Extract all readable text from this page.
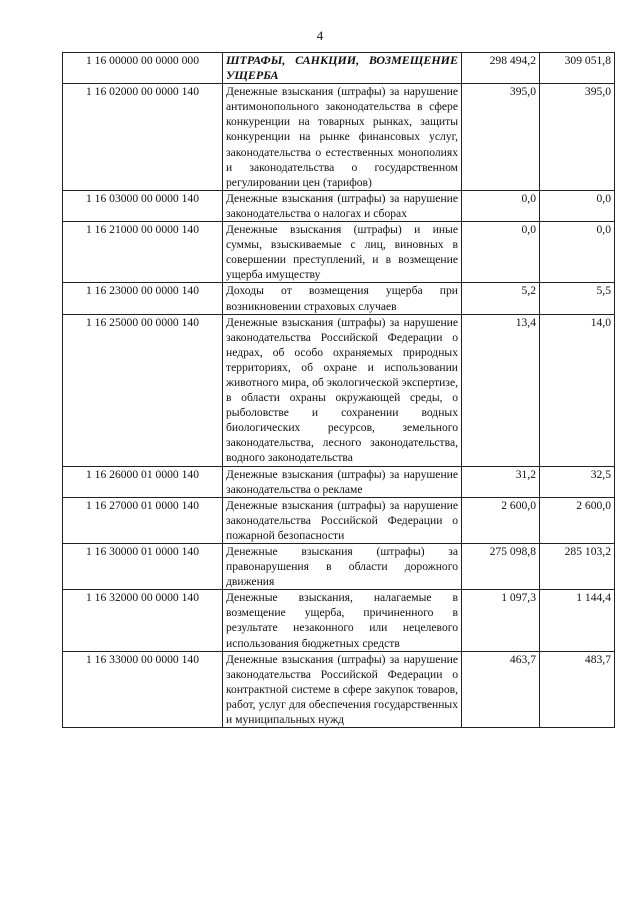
4
1 16 00000 00 0000 000	ШТРАФЫ, САНКЦИИ, ВОЗМЕЩЕНИЕ УЩЕРБА	298 494,2	309 051,8
1 16 02000 00 0000 140	Денежные взыскания (штрафы) за нарушение антимонопольного законодательства в сфере конкуренции на товарных рынках, защиты конкуренции на рынке финансовых услуг, законодательства о естественных монополиях и законодательства о государственном регулировании цен (тарифов)	395,0	395,0
1 16 03000 00 0000 140	Денежные взыскания (штрафы) за нарушение законодательства о налогах и сборах	0,0	0,0
1 16 21000 00 0000 140	Денежные взыскания (штрафы) и иные суммы, взыскиваемые с лиц, виновных в совершении преступлений, и в возмещение ущерба имуществу	0,0	0,0
1 16 23000 00 0000 140	Доходы от возмещения ущерба при возникновении страховых случаев	5,2	5,5
1 16 25000 00 0000 140	Денежные взыскания (штрафы) за нарушение законодательства Российской Федерации о недрах, об особо охраняемых природных территориях, об охране и использовании животного мира, об экологической экспертизе, в области охраны окружающей среды, о рыболовстве и сохранении водных биологических ресурсов, земельного законодательства, лесного законодательства, водного законодательства	13,4	14,0
1 16 26000 01 0000 140	Денежные взыскания (штрафы) за нарушение законодательства о рекламе	31,2	32,5
1 16 27000 01 0000 140	Денежные взыскания (штрафы) за нарушение законодательства Российской Федерации о пожарной безопасности	2 600,0	2 600,0
1 16 30000 01 0000 140	Денежные взыскания (штрафы) за правонарушения в области дорожного движения	275 098,8	285 103,2
1 16 32000 00 0000 140	Денежные взыскания, налагаемые в возмещение ущерба, причиненного в результате незаконного или нецелевого использования бюджетных средств	1 097,3	1 144,4
1 16 33000 00 0000 140	Денежные взыскания (штрафы) за нарушение законодательства Российской Федерации о контрактной системе в сфере закупок товаров, работ, услуг для обеспечения государственных и муниципальных нужд	463,7	483,7
